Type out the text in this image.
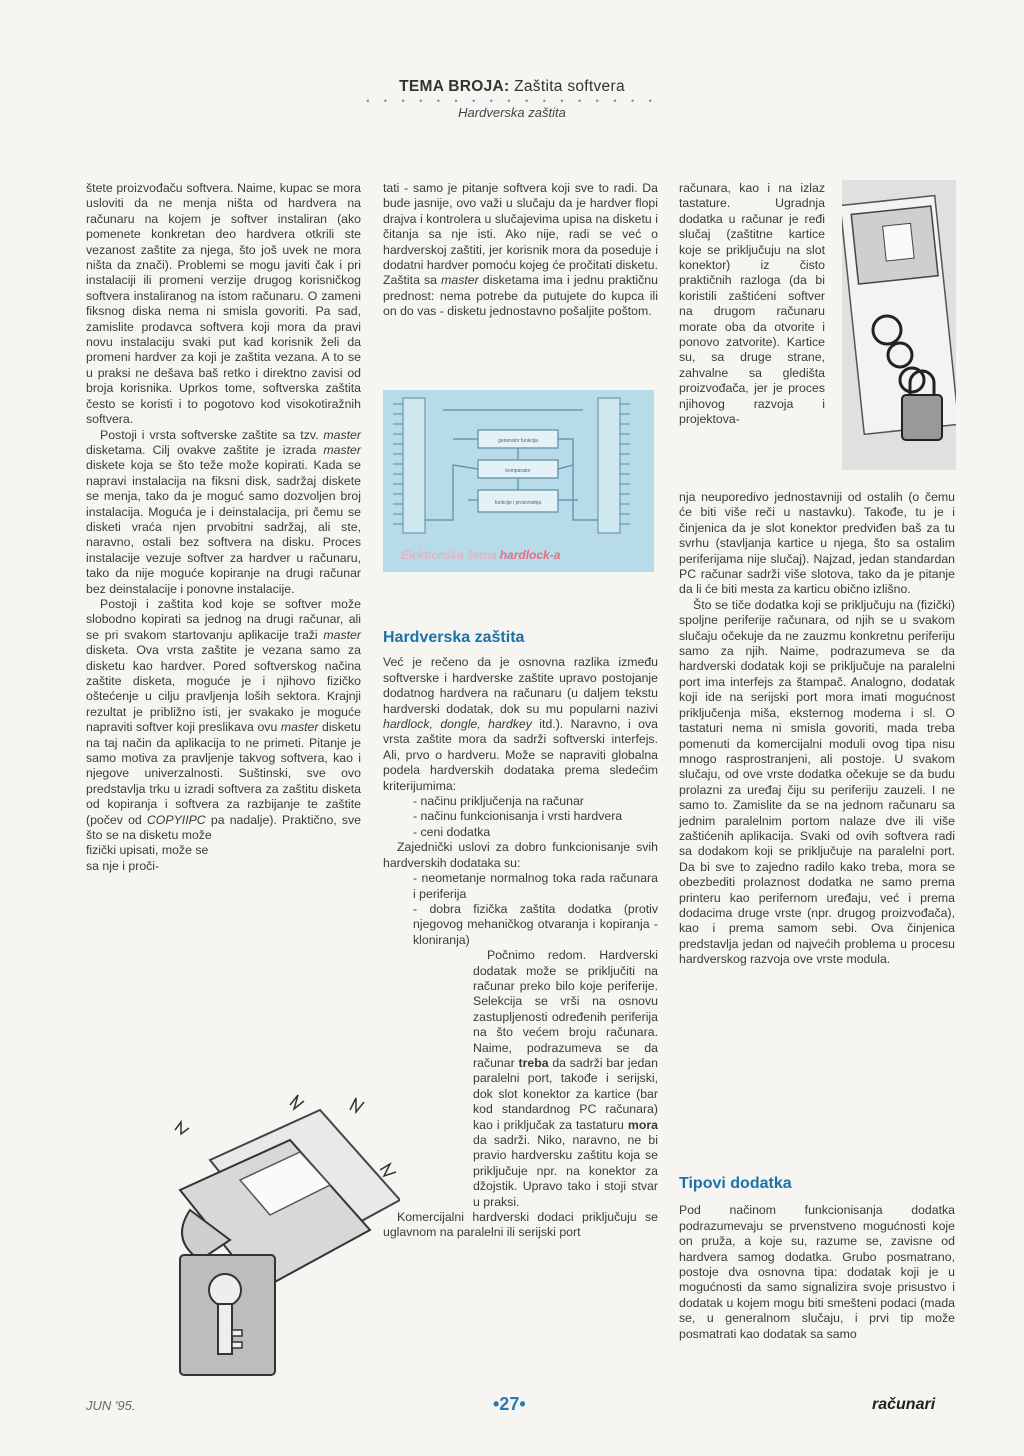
TEMA BROJA: Zaštita softvera
• • • • • • • • • • • • • • • • •
Hardverska zaštita

štete proizvođaču softvera. Naime, kupac se mora usloviti da ne menja ništa od hardvera na računaru na kojem je softver instaliran (ako pomenete konkretan deo hardvera otkrili ste vezanost zaštite za njega, što još uvek ne mora ništa da znači). Problemi se mogu javiti čak i pri instalaciji ili promeni verzije drugog korisničkog softvera instaliranog na istom računaru. O zameni fiksnog diska nema ni smisla govoriti. Pa sad, zamislite prodavca softvera koji mora da pravi novu instalaciju svaki put kad korisnik želi da promeni hardver za koji je zaštita vezana. A to se u praksi ne dešava baš retko i direktno zavisi od broja korisnika. Uprkos tome, softverska zaštita često se koristi i to pogotovo kod visokotiražnih softvera.

Postoji i vrsta softverske zaštite sa tzv. master disketama. Cilj ovakve zaštite je izrada master diskete koja se što teže može kopirati. Kada se napravi instalacija na fiksni disk, sadržaj diskete se menja, tako da je moguć samo dozvoljen broj instalacija. Moguća je i deinstalacija, pri čemu se disketi vraća njen prvobitni sadržaj, ali ste, naravno, ostali bez softvera na disku. Proces instalacije vezuje softver za hardver u računaru, tako da nije moguće kopiranje na drugi računar bez deinstalacije i ponovne instalacije.

Postoji i zaštita kod koje se softver može slobodno kopirati sa jednog na drugi računar, ali se pri svakom startovanju aplikacije traži master disketa. Ova vrsta zaštite je vezana samo za disketu kao hardver. Pored softverskog načina zaštite disketa, moguće je i njihovo fizičko oštećenje u cilju pravljenja loših sektora. Krajnji rezultat je približno isti, jer svakako je moguće napraviti softver koji preslikava ovu master disketu na taj način da aplikacija to ne primeti. Pitanje je samo motiva za pravljenje takvog softvera, kao i njegove univerzalnosti. Suštinski, sve ovo predstavlja trku u izradi softvera za zaštitu disketa od kopiranja i softvera za razbijanje te zaštite (počev od COPYIIPC pa nadalje). Praktično, sve što se na disketu može

fizički upisati, može se

sa nje i proči-

tati - samo je pitanje softvera koji sve to radi. Da bude jasnije, ovo važi u slučaju da je hardver flopi drajva i kontrolera u slučajevima upisa na disketu i čitanja sa nje isti. Ako nije, radi se već o hardverskoj zaštiti, jer korisnik mora da poseduje i dodatni hardver pomoću kojeg će pročitati disketu. Zaštita sa master disketama ima i jednu praktičnu prednost: nema potrebe da putujete do kupca ili on do vas - disketu jednostavno pošaljite poštom.

generator funkcija
komparator
funkcije i proizvodnja
Elektronska šema hardlock-a
Hardverska zaštita

Već je rečeno da je osnovna razlika između softverske i hardverske zaštite upravo postojanje dodatnog hardvera na računaru (u daljem tekstu hardverski dodatak, dok su mu popularni nazivi hardlock, dongle, hardkey itd.). Naravno, i ova vrsta zaštite mora da sadrži softverski interfejs. Ali, prvo o hardveru. Može se napraviti globalna podela hardverskih dodataka prema sledećim kriterijumima:

- načinu priključenja na računar

- načinu funkcionisanja i vrsti hardvera

- ceni dodatka

Zajednički uslovi za dobro funkcionisanje svih hardverskih dodataka su:

- neometanje normalnog toka rada računara i periferija

- dobra fizička zaštita dodatka (protiv njegovog mehaničkog otvaranja i kopiranja - kloniranja)

Počnimo redom. Hardverski dodatak može se priključiti na računar preko bilo koje periferije. Selekcija se vrši na osnovu zastupljenosti određenih periferija na što većem broju računara. Naime, podrazumeva se da računar treba da sadrži bar jedan paralelni port, takođe i serijski, dok slot konektor za kartice (bar kod standardnog PC računara) kao i priključak za tastaturu mora da sadrži. Niko, naravno, ne bi pravio hardversku zaštitu koja se priključuje npr. na konektor za džojstik. Upravo tako i stoji stvar u praksi.

Komercijalni hardverski dodaci priključuju se uglavnom na paralelni ili serijski port

računara, kao i na izlaz tastature. Ugradnja dodatka u računar je ređi slučaj (zaštitne kartice koje se priključuju na slot konektor) iz čisto praktičnih razloga (da bi koristili zaštićeni softver na drugom računaru morate oba da otvorite i ponovo zatvorite). Kartice su, sa druge strane, zahvalne sa gledišta proizvođača, jer je proces njihovog razvoja i projektova-

nja neuporedivo jednostavniji od ostalih (o čemu će biti više reči u nastavku). Takođe, tu je i činjenica da je slot konektor predviđen baš za tu svrhu (stavljanja kartice u njega, što sa ostalim periferijama nije slučaj). Najzad, jedan standardan PC računar sadrži više slotova, tako da je pitanje da li će biti mesta za karticu obično izlišno.

Što se tiče dodatka koji se priključuju na (fizički) spoljne periferije računara, od njih se u svakom slučaju očekuje da ne zauzmu konkretnu periferiju samo za njih. Naime, podrazumeva se da hardverski dodatak koji se priključuje na paralelni port ima interfejs za štampač. Analogno, dodatak koji ide na serijski port mora imati mogućnost priključenja miša, eksternog modema i sl. O tastaturi nema ni smisla govoriti, mada treba pomenuti da komercijalni moduli ovog tipa nisu mnogo rasprostranjeni, ali postoje. U svakom slučaju, od ove vrste dodatka očekuje se da budu prolazni za uređaj čiju su periferiju zauzeli. I ne samo to. Zamislite da se na jednom računaru sa jednim paralelnim portom nalaze dve ili više zaštićenih aplikacija. Svaki od ovih softvera radi sa dodakom koji se priključuje na paralelni port. Da bi sve to zajedno radilo kako treba, mora se obezbediti prolaznost dodatka ne samo prema printeru kao perifernom uređaju, već i prema dodacima druge vrste (npr. drugog proizvođača), kao i prema samom sebi. Ova činjenica predstavlja jedan od najvećih problema u procesu hardverskog razvoja ove vrste modula.

Tipovi dodatka

Pod načinom funkcionisanja dodatka podrazumevaju se prvenstveno mogućnosti koje on pruža, a koje su, razume se, zavisne od hardvera samog dodatka. Grubo posmatrano, postoje dva osnovna tipa: dodatak koji je u mogućnosti da samo signalizira svoje prisustvo i dodatak u kojem mogu biti smešteni podaci (mada se, u generalnom slučaju, i prvi tip može posmatrati kao dodatak sa samo

JUN '95.	•27•	računari
